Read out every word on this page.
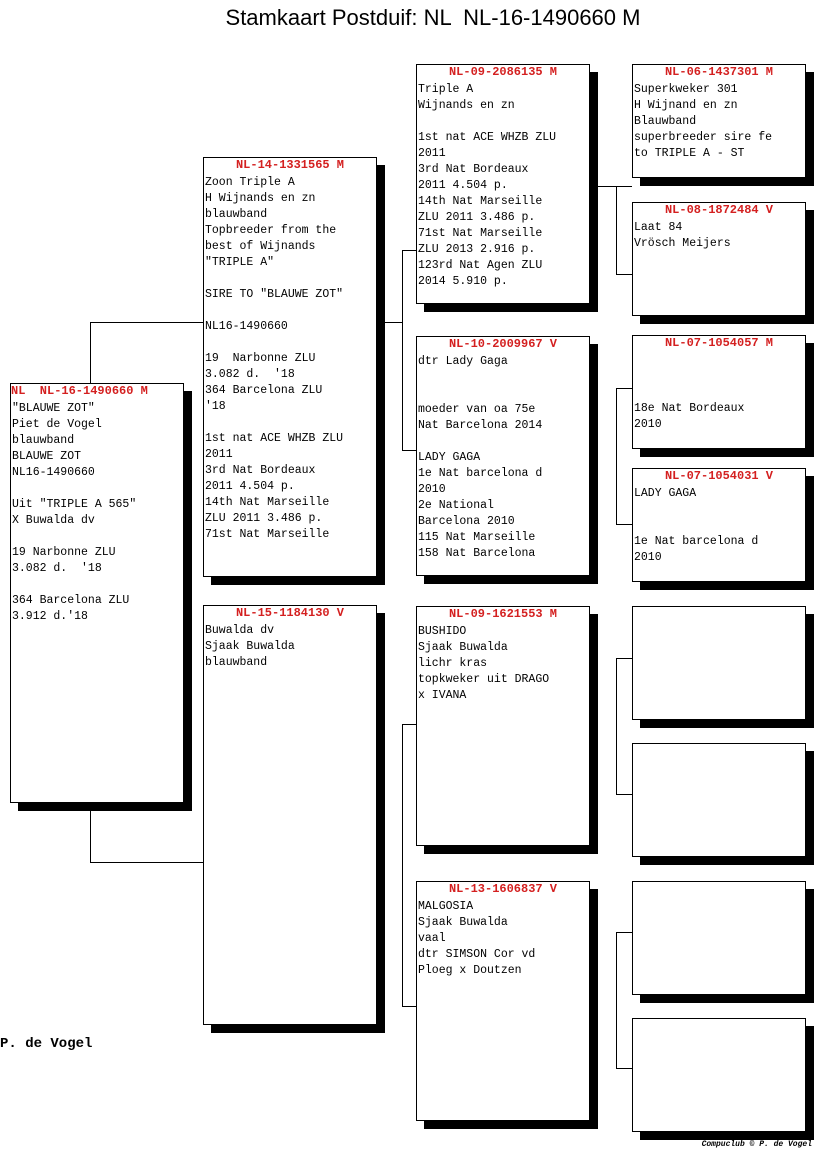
Stamkaart Postduif: NL  NL-16-1490660 M
NL  NL-16-1490660 M
"BLAUWE ZOT"
Piet de Vogel
blauwband
BLAUWE ZOT
NL16-1490660
Uit "TRIPLE A 565"
X Buwalda dv
19 Narbonne ZLU
3.082 d.  '18
364 Barcelona ZLU
3.912 d.'18
NL-14-1331565 M
Zoon Triple A
H Wijnands en zn
blauwband
Topbreeder from the
best of Wijnands
"TRIPLE A"
SIRE TO "BLAUWE ZOT"
NL16-1490660
19  Narbonne ZLU
3.082 d.  '18
364 Barcelona ZLU
'18
1st nat ACE WHZB ZLU
2011
3rd Nat Bordeaux
2011 4.504 p.
14th Nat Marseille
ZLU 2011 3.486 p.
71st Nat Marseille
NL-15-1184130 V
Buwalda dv
Sjaak Buwalda
blauwband
NL-09-2086135 M
Triple A
Wijnands en zn
1st nat ACE WHZB ZLU
2011
3rd Nat Bordeaux
2011 4.504 p.
14th Nat Marseille
ZLU 2011 3.486 p.
71st Nat Marseille
ZLU 2013 2.916 p.
123rd Nat Agen ZLU
2014 5.910 p.
NL-10-2009967 V
dtr Lady Gaga
moeder van oa 75e
Nat Barcelona 2014
LADY GAGA
1e Nat barcelona d
2010
2e National
Barcelona 2010
115 Nat Marseille
158 Nat Barcelona
NL-09-1621553 M
BUSHIDO
Sjaak Buwalda
lichr kras
topkweker uit DRAGO
x IVANA
NL-13-1606837 V
MALGOSIA
Sjaak Buwalda
vaal
dtr SIMSON Cor vd
Ploeg x Doutzen
NL-06-1437301 M
Superkweker 301
H Wijnand en zn
Blauwband
superbreeder sire fe
to TRIPLE A - ST
NL-08-1872484 V
Laat 84
Vrösch Meijers
NL-07-1054057 M
18e Nat Bordeaux
2010
NL-07-1054031 V
LADY GAGA
1e Nat barcelona d
2010
P. de Vogel
Compuclub © P. de Vogel
